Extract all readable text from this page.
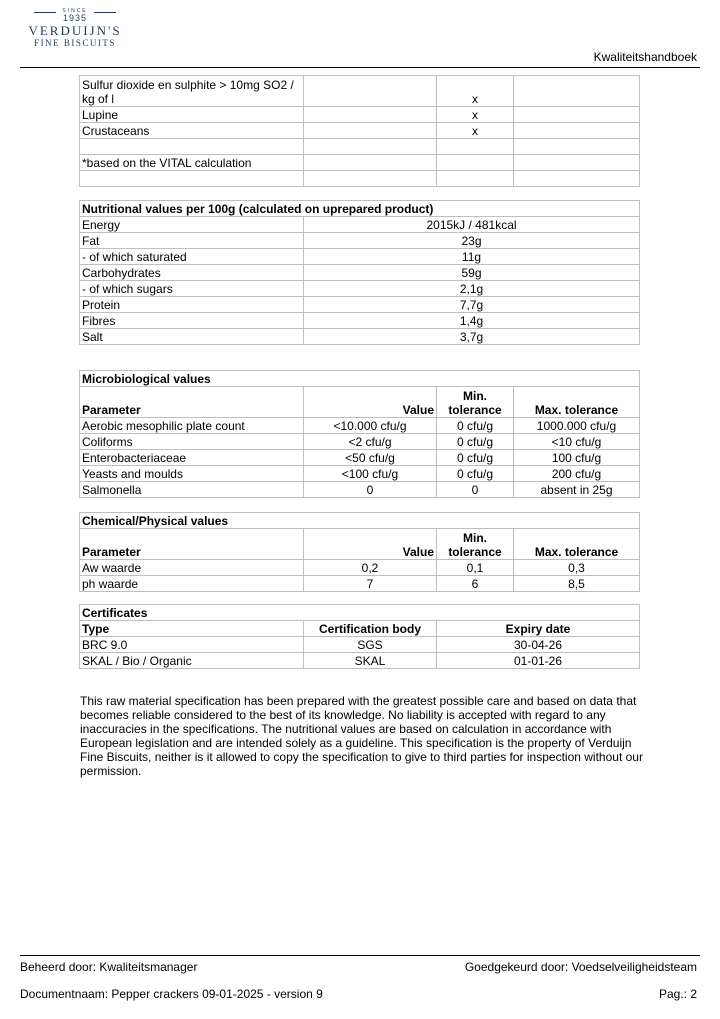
SINCE
1935
VERDUIJN'S
FINE BISCUITS
Kwaliteitshandboek
Sulfur dioxide en sulphite > 10mg SO2 / kg of l		x	
Lupine		x	
Crustaceans		x	

*based on the VITAL calculation			

Nutritional values per 100g (calculated on uprepared product)	
Energy	2015kJ / 481kcal
Fat	23g
- of which saturated	11g
Carbohydrates	59g
- of which sugars	2,1g
Protein	7,7g
Fibres	1,4g
Salt	3,7g
Microbiological values			
Parameter	Value	Min. tolerance	Max. tolerance
Aerobic mesophilic plate count	<10.000 cfu/g	0 cfu/g	1000.000 cfu/g
Coliforms	<2 cfu/g	0 cfu/g	<10 cfu/g
Enterobacteriaceae	<50 cfu/g	0 cfu/g	100 cfu/g
Yeasts and moulds	<100 cfu/g	0 cfu/g	200 cfu/g
Salmonella	0	0	absent in 25g
Chemical/Physical values			
Parameter	Value	Min. tolerance	Max. tolerance
Aw waarde	0,2	0,1	0,3
ph waarde	7	6	8,5
Certificates		
Type	Certification body	Expiry date
BRC 9.0	SGS	30-04-26
SKAL / Bio / Organic	SKAL	01-01-26
This raw material specification has been prepared with the greatest possible care and based on data that becomes reliable considered to the best of its knowledge. No liability is accepted with regard to any inaccuracies in the specifications. The nutritional values are based on calculation in accordance with European legislation and are intended solely as a guideline. This specification is the property of Verduijn Fine Biscuits, neither is it allowed to copy the specification to give to third parties for inspection without our permission.
Beheerd door: Kwaliteitsmanager	Goedgekeurd door: Voedselveiligheidsteam
Documentnaam: Pepper crackers 09-01-2025 - version 9	Pag.: 2
